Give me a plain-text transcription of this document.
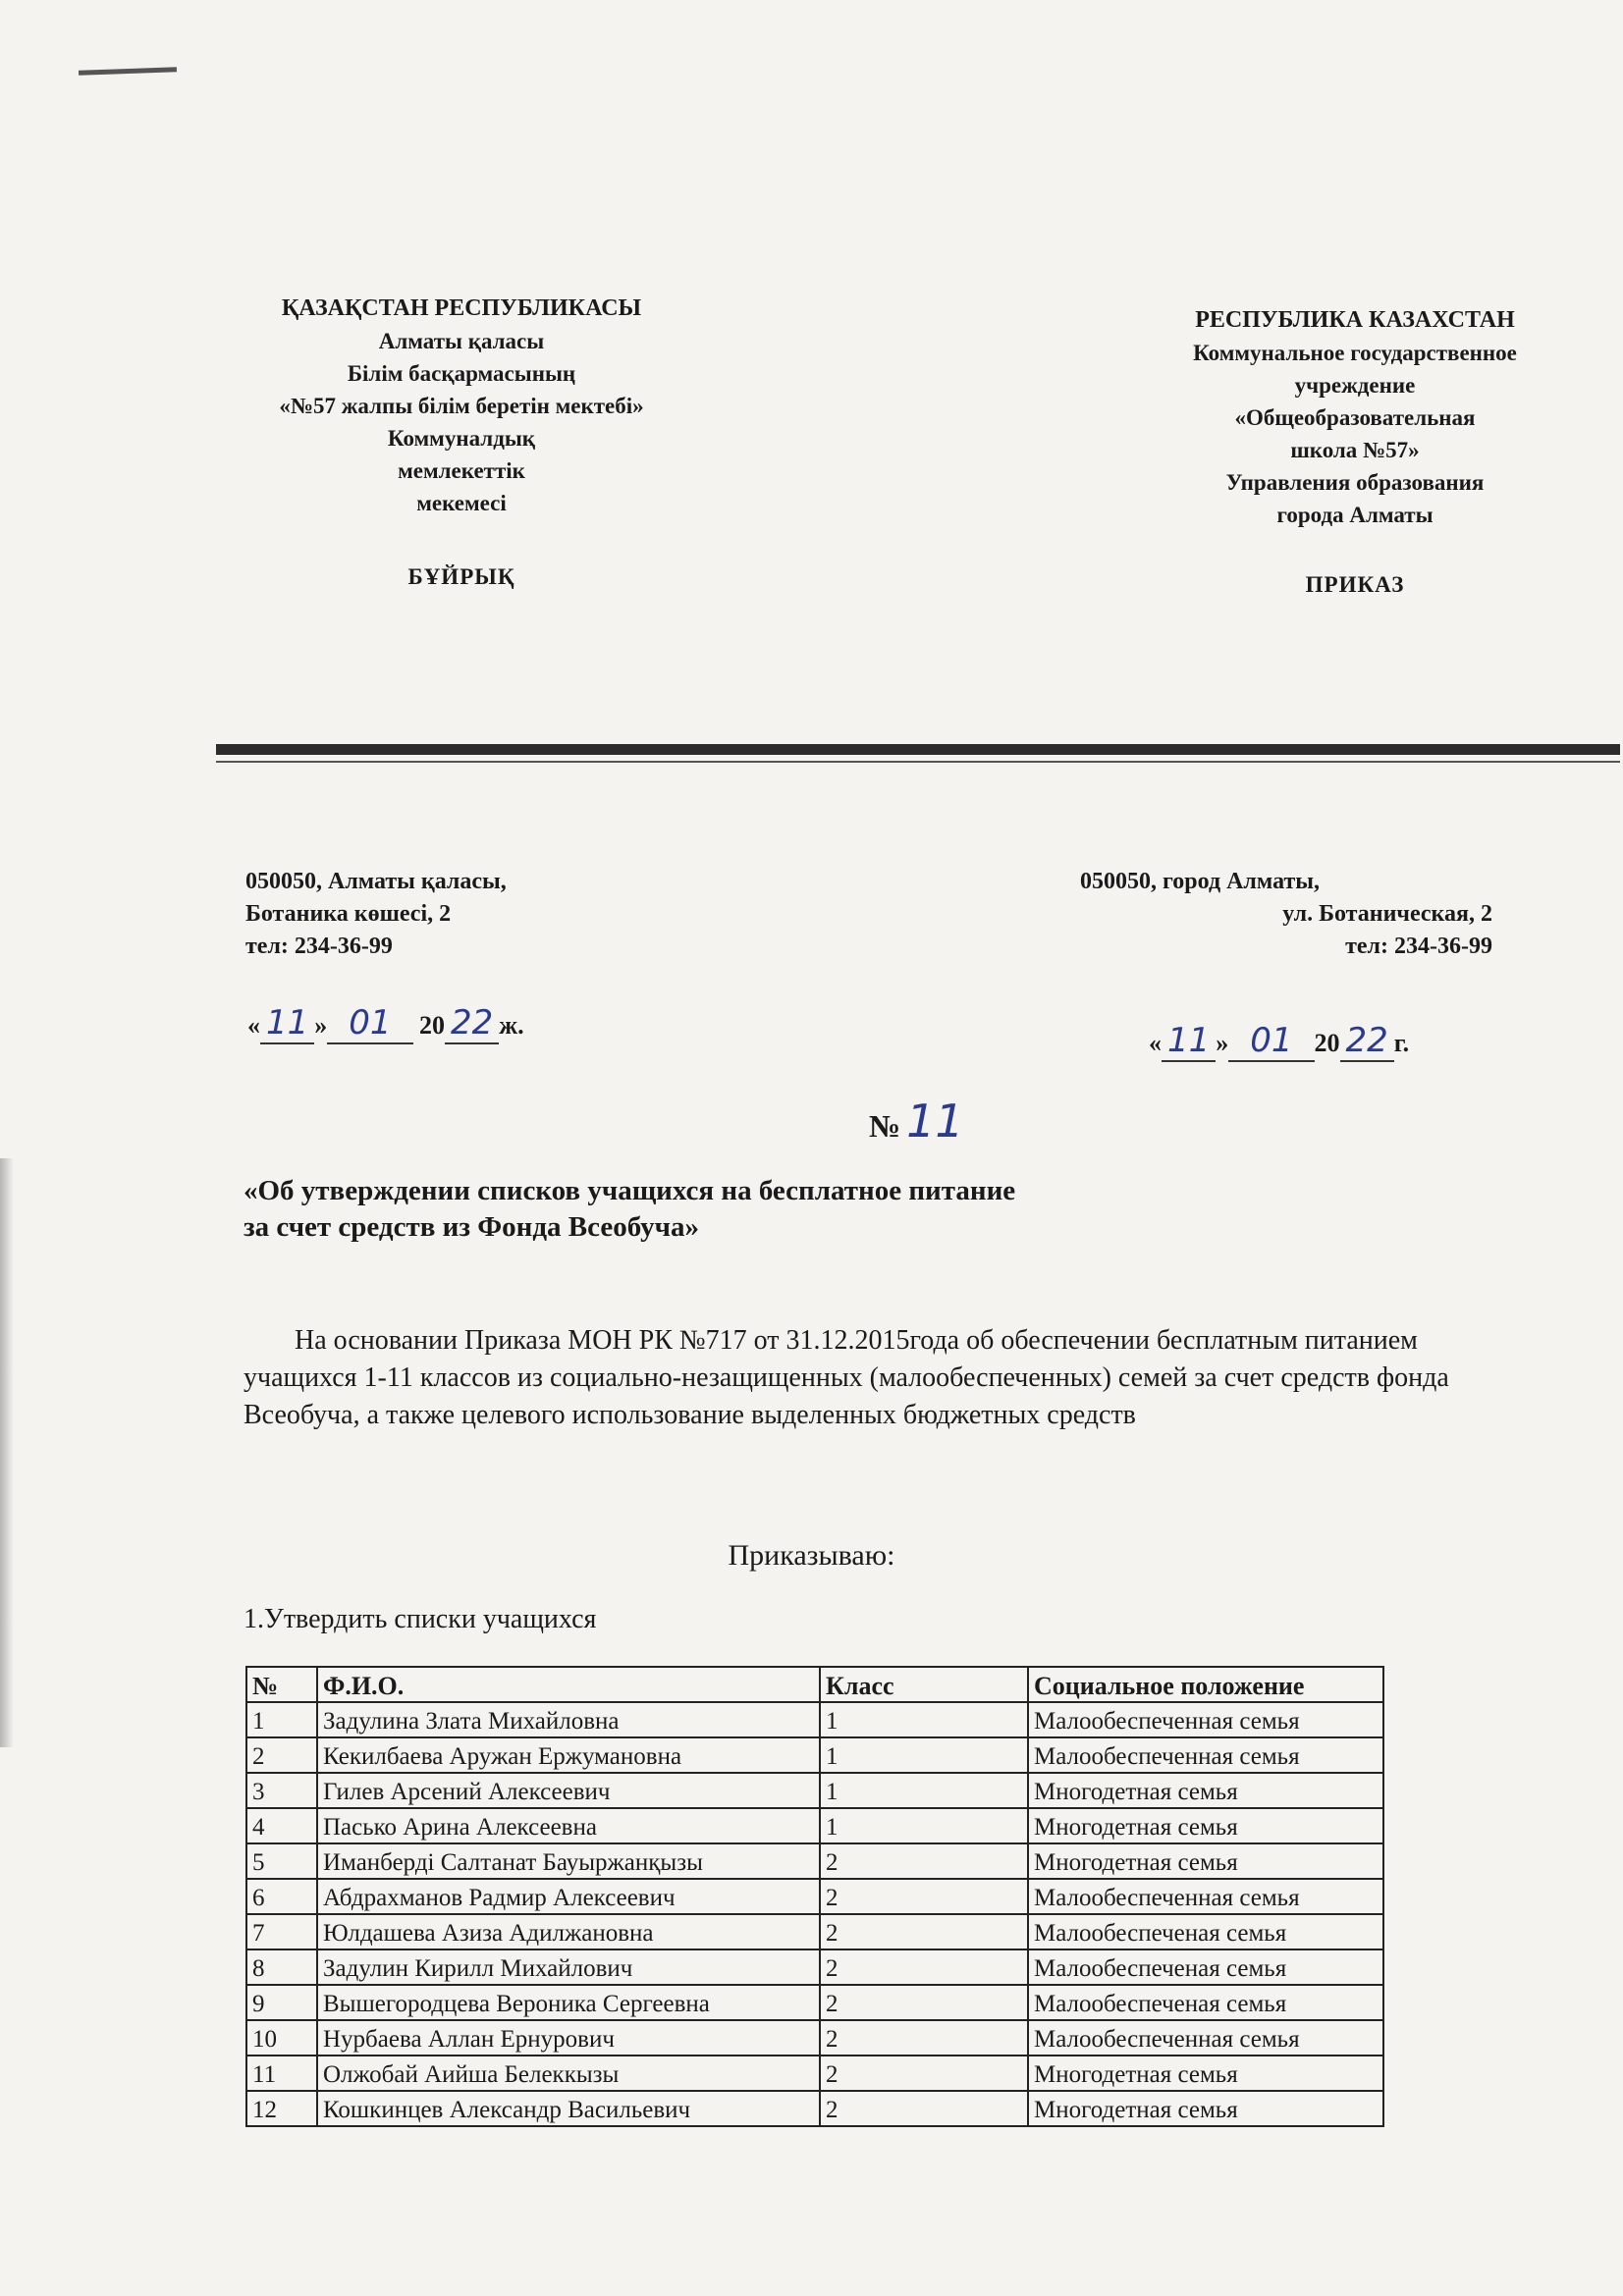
ҚАЗАҚСТАН РЕСПУБЛИКАСЫ
Алматы қаласы
Білім басқармасының
«№57 жалпы білім беретін мектебі»
Коммуналдық
мемлекеттік
мекемесі
БҰЙРЫҚ
РЕСПУБЛИКА КАЗАХСТАН
Коммунальное государственное
учреждение
«Общеобразовательная
школа №57»
Управления образования
города Алматы
ПРИКАЗ
050050, Алматы қаласы,
Ботаника көшесі, 2
тел: 234-36-99
050050, город Алматы,
ул. Ботаническая, 2
тел: 234-36-99
« 11 » 01 20 22 ж.
« 11 » 01 20 22 г.
№ 11
«Об утверждении списков учащихся на бесплатное питание
за счет средств из Фонда Всеобуча»
На основании Приказа МОН РК №717 от 31.12.2015года об обеспечении бесплатным питанием учащихся 1-11 классов из социально-незащищенных (малообеспеченных) семей за счет средств фонда Всеобуча, а также целевого использование выделенных бюджетных средств
Приказываю:
1.Утвердить списки учащихся
№	Ф.И.О.	Класс	Социальное положение
1	Задулина Злата Михайловна	1	Малообеспеченная семья
2	Кекилбаева Аружан Ержумановна	1	Малообеспеченная семья
3	Гилев Арсений Алексеевич	1	Многодетная семья
4	Пасько Арина Алексеевна	1	Многодетная семья
5	Иманберді Салтанат Бауыржанқызы	2	Многодетная семья
6	Абдрахманов Радмир Алексеевич	2	Малообеспеченная семья
7	Юлдашева Азиза Адилжановна	2	Малообеспеченая семья
8	Задулин Кирилл Михайлович	2	Малообеспеченая семья
9	Вышегородцева Вероника Сергеевна	2	Малообеспеченая семья
10	Нурбаева Аллан Ернурович	2	Малообеспеченная семья
11	Олжобай Аийша Белеккызы	2	Многодетная семья
12	Кошкинцев Александр Васильевич	2	Многодетная семья
